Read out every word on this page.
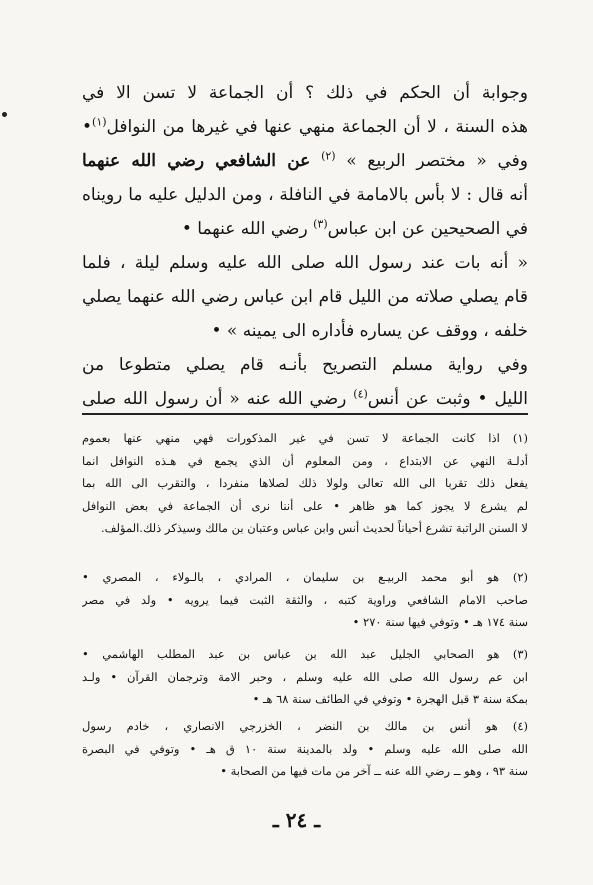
وجوابة أن الحكم في ذلك ؟ أن الجماعة لا تسن الا في
هذه السنة ، لا أن الجماعة منهي عنها في غيرها من النوافل$^{(١)}$•
وفي « مختصر الربيع » $^{(٢)}$ عن الشافعي رضي الله عنهما
أنه قال : لا بأس بالامامة في النافلة ، ومن الدليل عليه ما رويناه
في الصحيحين عن ابن عباس$^{(٣)}$ رضي الله عنهما •
« أنه بات عند رسول الله صلى الله عليه وسلم ليلة ، فلما
قام يصلي صلاته من الليل قام ابن عباس رضي الله عنهما يصلي
خلفه ، ووقف عن يساره فأداره الى يمينه » •
وفي رواية مسلم التصريح بأنـه قام يصلي متطوعا من
الليل • وثبت عن أنس$^{(٤)}$ رضي الله عنه « أن رسول الله صلى
(١) اذا كانت الجماعة لا تسن في غير المذكورات فهي منهي عنها بعموم
أدلـة النهي عن الابتداع ، ومن المعلوم أن الذي يجمع في هـذه النوافل انما
يفعل ذلك تقربا الى الله تعالى ولولا ذلك لصلاها منفردا ، والتقرب الى الله بما
لم يشرع لا يجوز كما هو ظاهر • على أننا نرى أن الجماعة في بعض النوافل
لا السنن الراتبة تشرع أحياناً لحديث أنس وابن عباس وعتبان بن مالك وسيذكر ذلك.المؤلف.
(٢) هو أبو محمد الربيـع بن سليمان ، المرادي ، بالـولاء ، المصري •
صاحب الامام الشافعي وراوية كتبه ، والثقة الثبت فيما يرويه • ولد في مصر
سنة ١٧٤ هـ • وتوفي فيها سنة ٢٧٠ •
(٣) هو الصحابي الجليل عبد الله بن عباس بن عبد المطلب الهاشمي •
ابن عم رسول الله صلى الله عليه وسلم ، وحبر الامة وترجمان القرآن • ولـد
بمكة سنة ٣ قبل الهجرة • وتوفي في الطائف سنة ٦٨ هـ •
(٤) هو أنس بن مالك بن النضر ، الخزرجي الانصاري ، خادم رسول
الله صلى الله عليه وسلم • ولد بالمدينة سنة ١٠ ق هـ • وتوفي في البصرة
سنة ٩٣ ، وهو ــ رضي الله عنه ــ آخر من مات فيها من الصحابة •
ـ ٢٤ ـ
